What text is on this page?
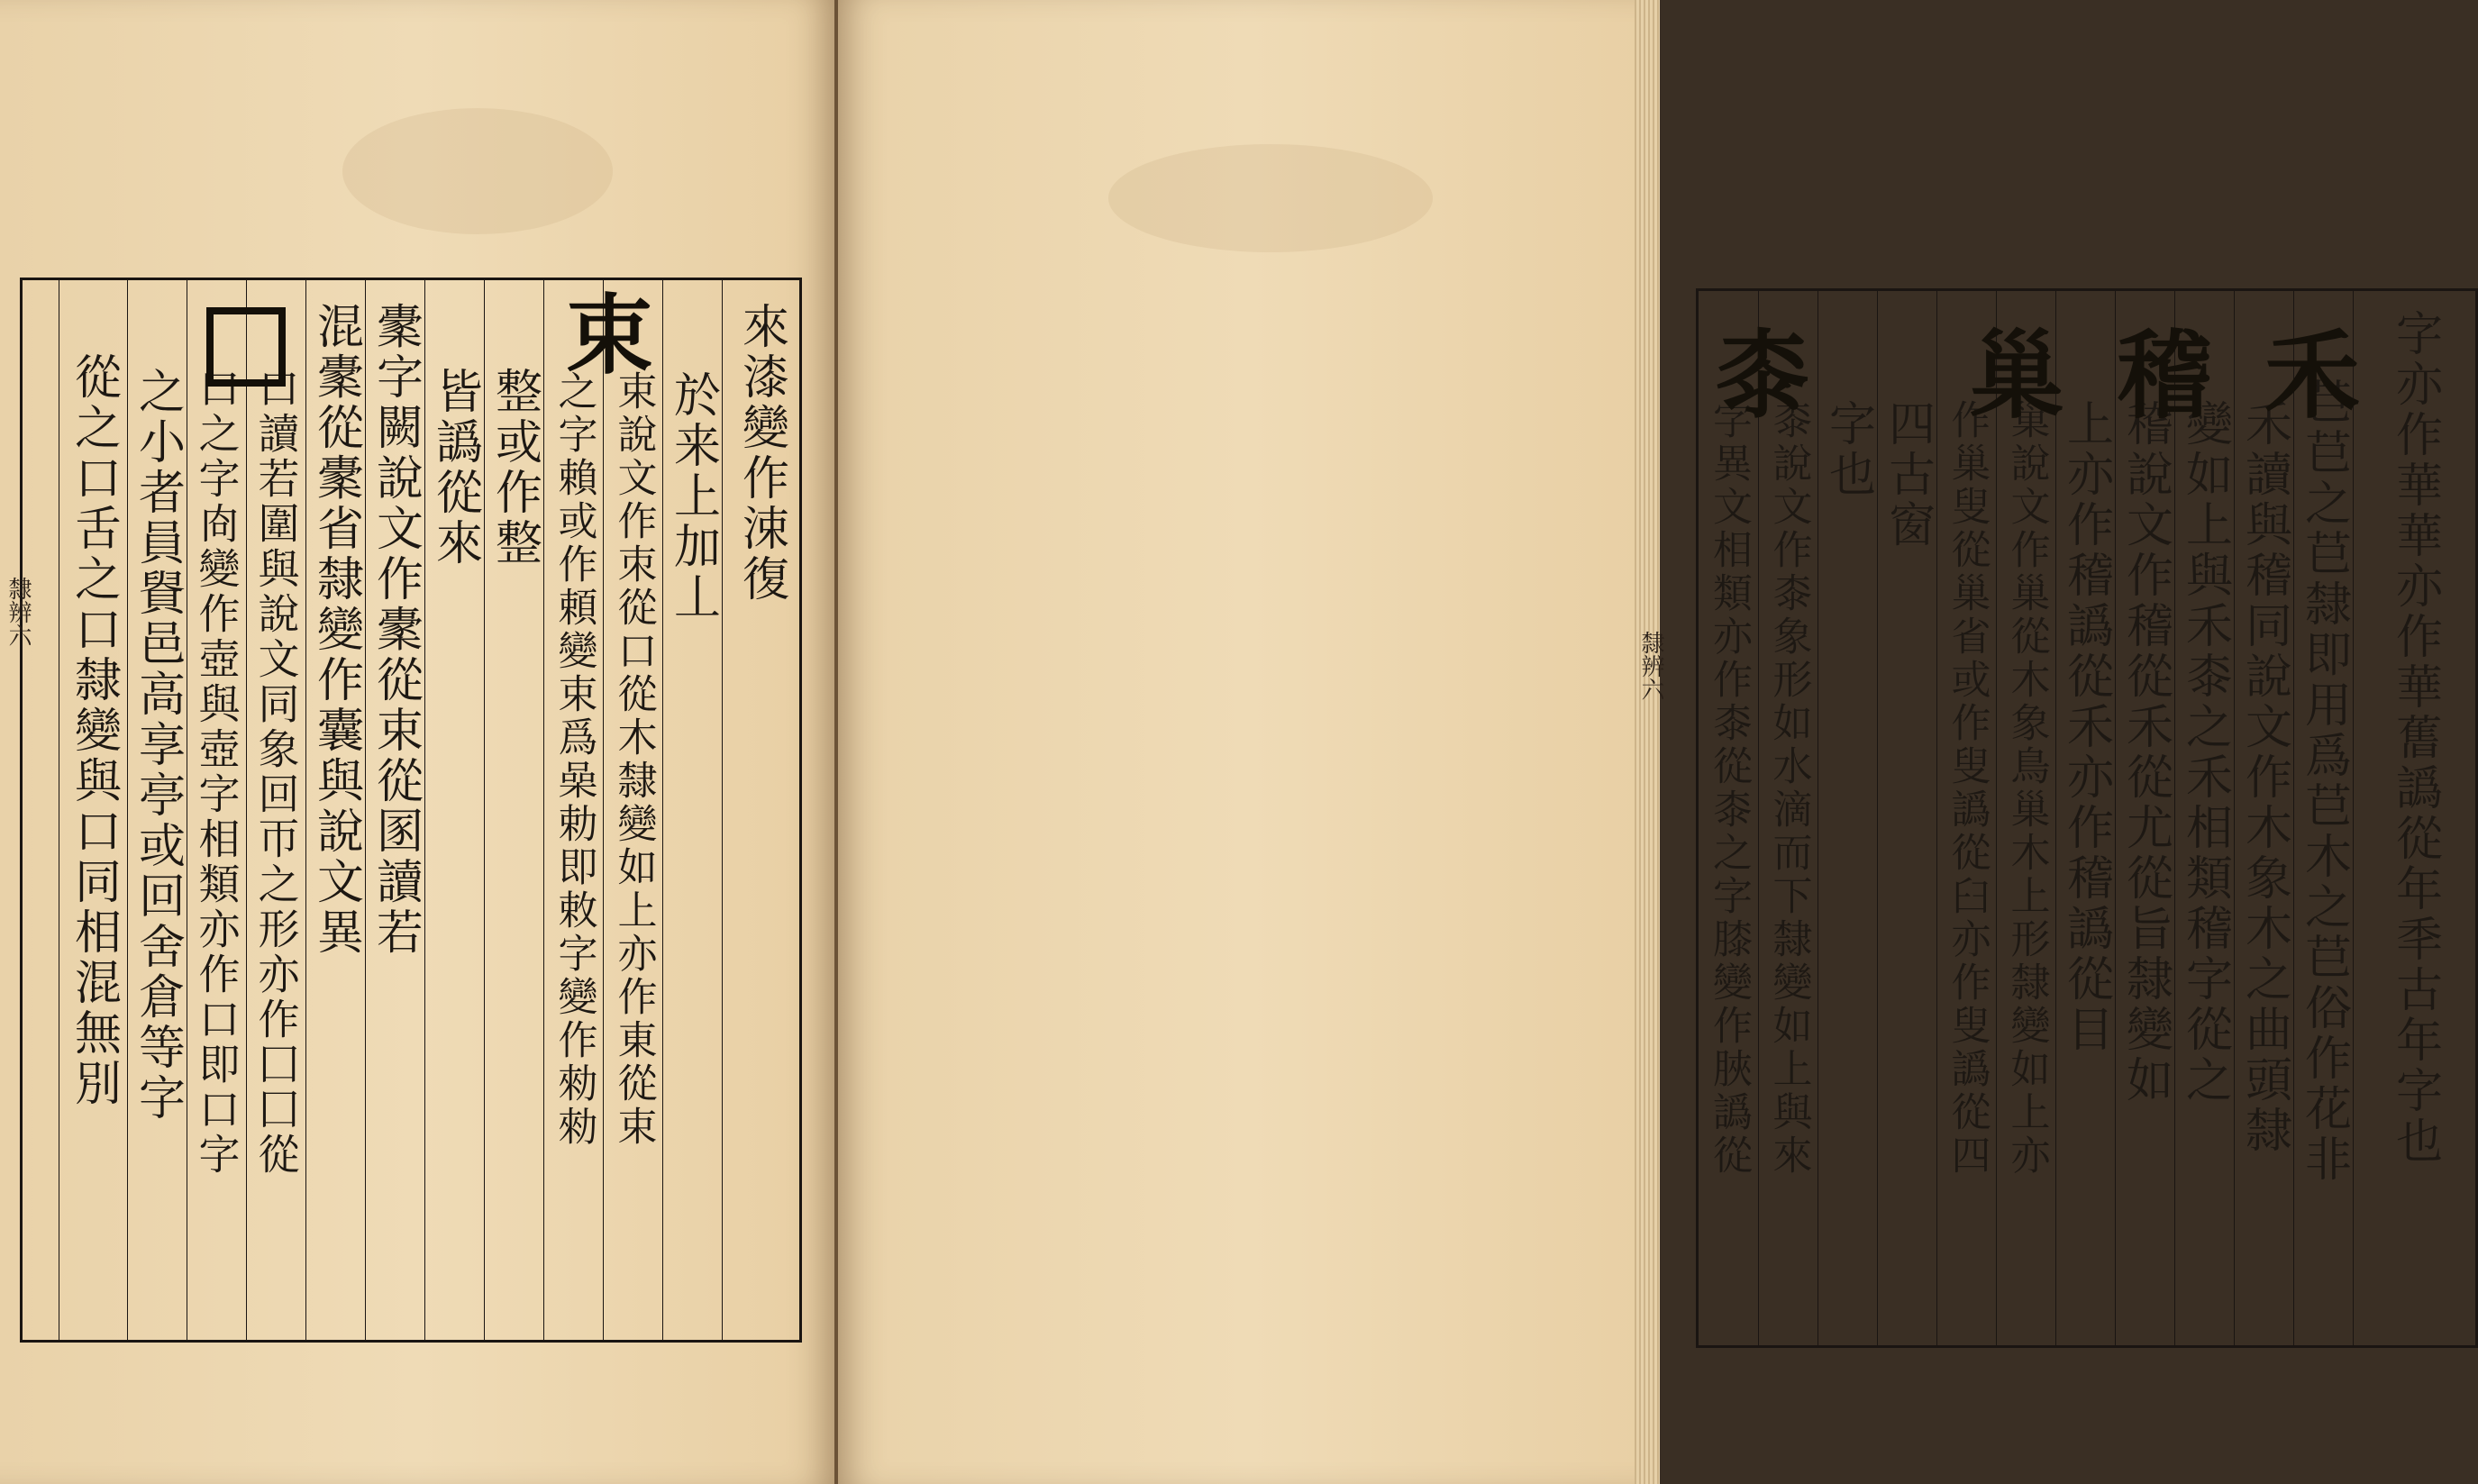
從之口舌之口隸變與口同相混無別 之小者員䝿邑高享亭或回舍倉等字 口之字㕯變作壺與壺字相類亦作口即口字 口讀若圍與說文同象回帀之形亦作囗囗從 混㯻從㯻省隸變作囊與說文異 㯻字闕說文作㯻從束從圂讀若 皆譌從來 整或作整 之字賴或作頼變束爲喿勅即敕字變作勑勑 束說文作朿從口從木隸變如上亦作東從束
束
於来上加丄 來漆變作涑復
隸辨六	字異文相類亦作桼從桼之字膝變作脥譌從 桼說文作桼象形如水滴而下隸變如上與來 字也 四古窗 作巢叟從巢省或作叟譌從臼亦作叟譌從四 巢說文作巢從木象鳥巢木上形隸變如上亦 上亦作稽譌從禾亦作稽譌從目 稽說文作稽從禾從尤從旨隸變如 變如上與禾桼之禾相類稽字從之 禾讀與稽同說文作木象木之曲頭隸 𦬊𦬊之𦬊隸即用爲𦬊木之𦬊俗作花非 字亦作華華亦作華𦾔譌從年秊古年字也
桼 巢稽禾
隸辨六
